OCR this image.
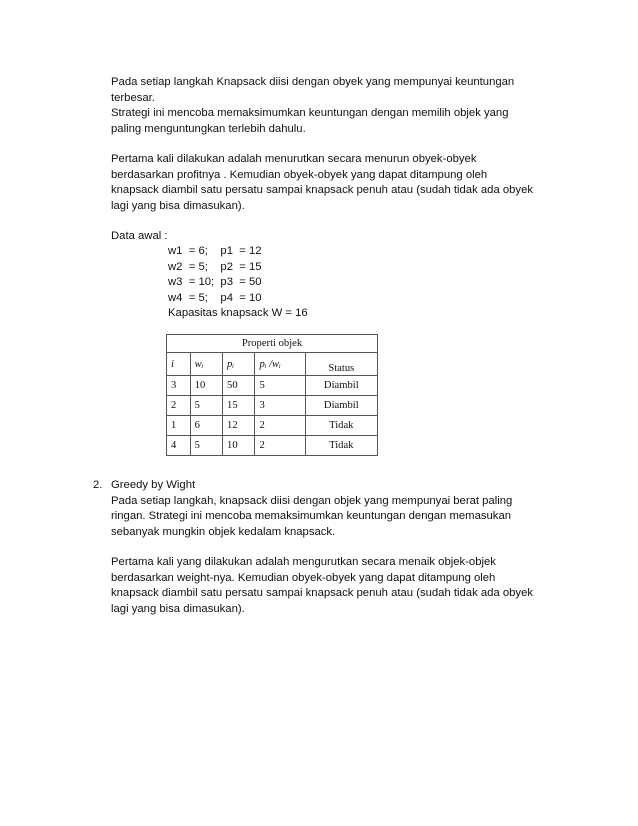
Pada setiap langkah Knapsack diisi dengan obyek yang mempunyai keuntungan
terbesar.
Strategi ini mencoba memaksimumkan keuntungan dengan memilih objek yang
paling menguntungkan terlebih dahulu.
Pertama kali dilakukan adalah menurutkan secara menurun obyek-obyek
berdasarkan profitnya . Kemudian obyek-obyek yang dapat ditampung oleh
knapsack diambil satu persatu sampai knapsack penuh atau (sudah tidak ada obyek
lagi yang bisa dimasukan).
Data awal :
w1  = 6;    p1  = 12
w2  = 5;    p2  = 15
w3  = 10;  p3  = 50
w4  = 5;    p4  = 10
Kapasitas knapsack W = 16
Properti objek				
i	wᵢ	pᵢ	pᵢ /wᵢ	Status
3	10	50	5	Diambil
2	5	15	3	Diambil
1	6	12	2	Tidak
4	5	10	2	Tidak
2. Greedy by Wight
Pada setiap langkah, knapsack diisi dengan objek yang mempunyai berat paling
ringan. Strategi ini mencoba memaksimumkan keuntungan dengan memasukan
sebanyak mungkin objek kedalam knapsack.
Pertama kali yang dilakukan adalah mengurutkan secara menaik objek-objek
berdasarkan weight-nya. Kemudian obyek-obyek yang dapat ditampung oleh
knapsack diambil satu persatu sampai knapsack penuh atau (sudah tidak ada obyek
lagi yang bisa dimasukan).
